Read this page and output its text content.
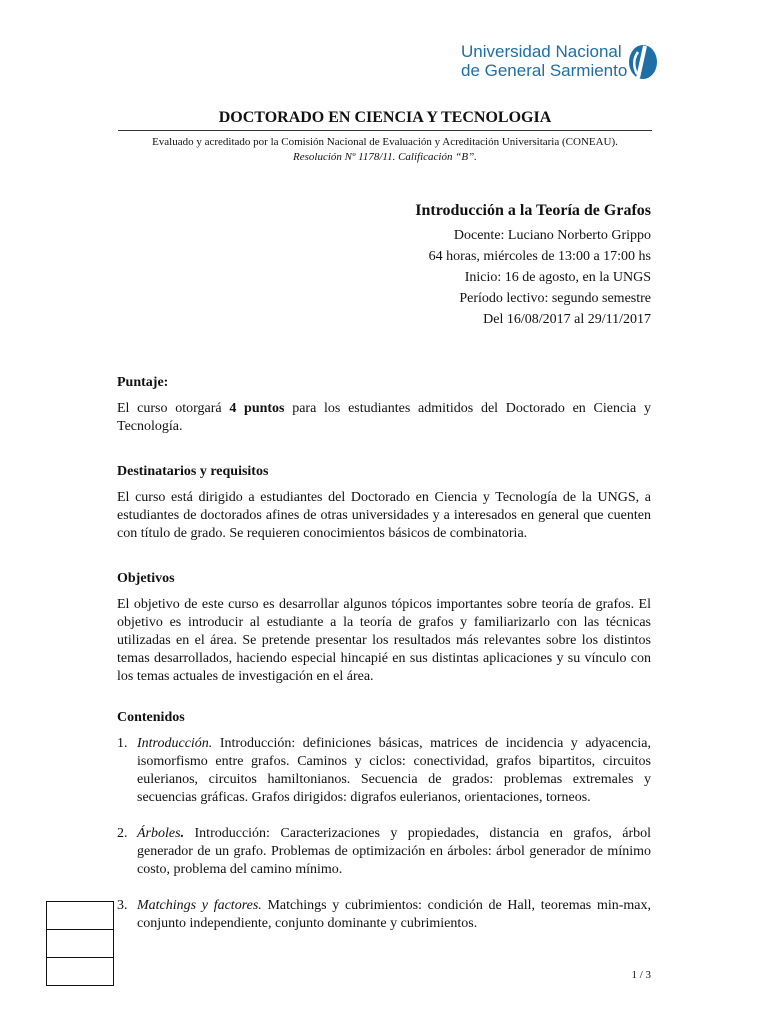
Universidad Nacional
de General Sarmiento
DOCTORADO EN CIENCIA Y TECNOLOGIA
Evaluado y acreditado por la Comisión Nacional de Evaluación y Acreditación Universitaria (CONEAU).
Resolución Nº 1178/11. Calificación “B”.
Introducción a la Teoría de Grafos
Docente: Luciano Norberto Grippo
64 horas, miércoles de 13:00 a 17:00 hs
Inicio: 16 de agosto, en la UNGS
Período lectivo: segundo semestre
Del 16/08/2017 al 29/11/2017
Puntaje:

El curso otorgará 4 puntos para los estudiantes admitidos del Doctorado en Ciencia y Tecnología.

Destinatarios y requisitos

El curso está dirigido a estudiantes del Doctorado en Ciencia y Tecnología de la UNGS, a estudiantes de doctorados afines de otras universidades y a interesados en general que cuenten con título de grado. Se requieren conocimientos básicos de combinatoria.

Objetivos

El objetivo de este curso es desarrollar algunos tópicos importantes sobre teoría de grafos. El objetivo es introducir al estudiante a la teoría de grafos y familiarizarlo con las técnicas utilizadas en el área. Se pretende presentar los resultados más relevantes sobre los distintos temas desarrollados, haciendo especial hincapié en sus distintas aplicaciones y su vínculo con los temas actuales de investigación en el área.

Contenidos
1. Introducción. Introducción: definiciones básicas, matrices de incidencia y adyacencia, isomorfismo entre grafos. Caminos y ciclos: conectividad, grafos bipartitos, circuitos eulerianos, circuitos hamiltonianos. Secuencia de grados: problemas extremales y secuencias gráficas. Grafos dirigidos: digrafos eulerianos, orientaciones, torneos.
2. Árboles. Introducción: Caracterizaciones y propiedades, distancia en grafos, árbol generador de un grafo. Problemas de optimización en árboles: árbol generador de mínimo costo, problema del camino mínimo.
3. Matchings y factores. Matchings y cubrimientos: condición de Hall, teoremas min-max, conjunto independiente, conjunto dominante y cubrimientos.
1 / 3
